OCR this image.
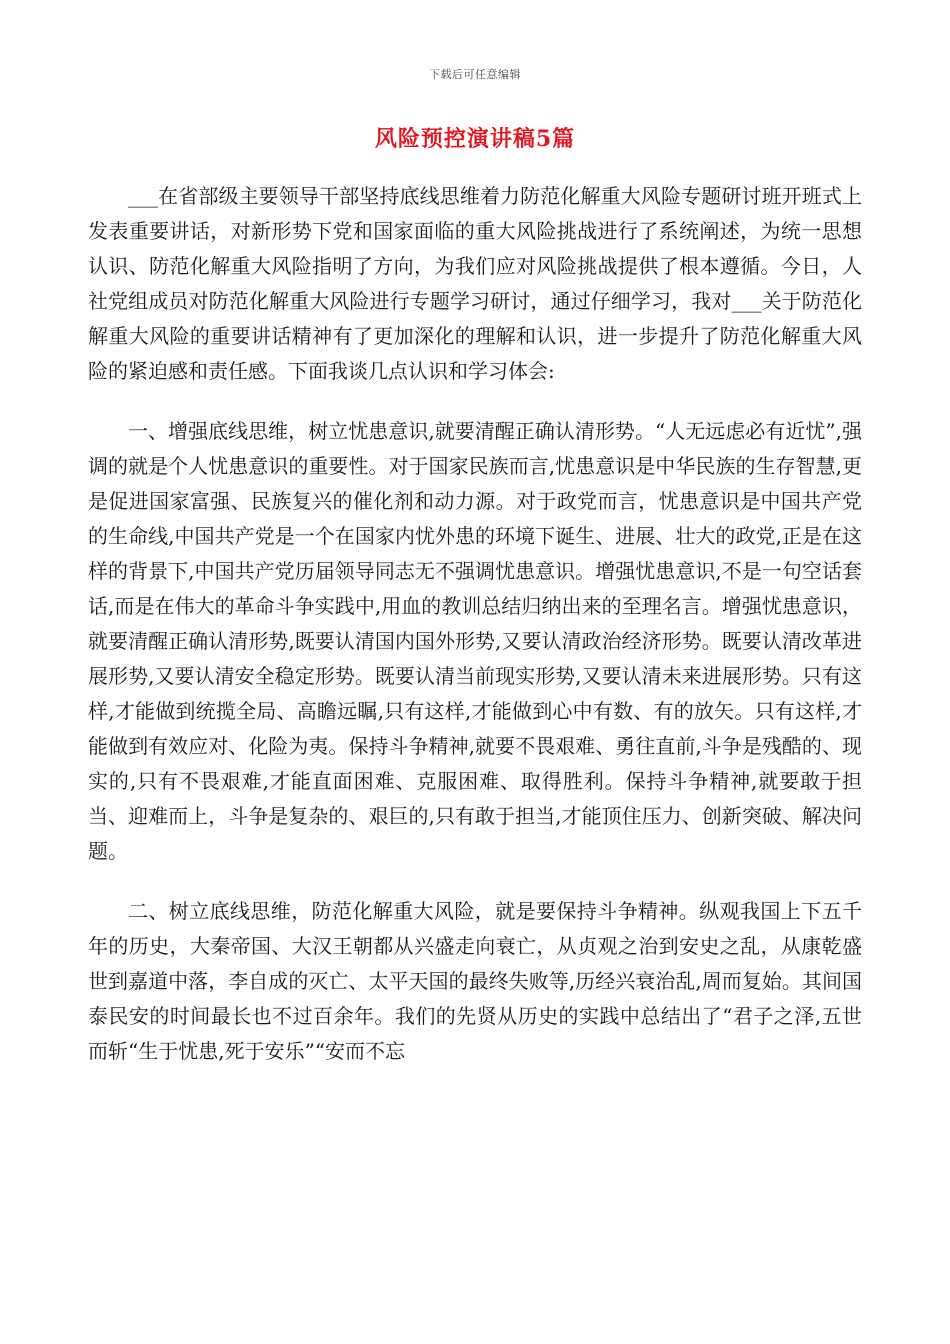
下载后可任意编辑
风险预控演讲稿5篇

___在省部级主要领导干部坚持底线思维着力防范化解重大风险专题研讨班开班式上发表重要讲话，对新形势下党和国家面临的重大风险挑战进行了系统阐述，为统一思想认识、防范化解重大风险指明了方向，为我们应对风险挑战提供了根本遵循。今日，人社党组成员对防范化解重大风险进行专题学习研讨，通过仔细学习，我对___关于防范化解重大风险的重要讲话精神有了更加深化的理解和认识，进一步提升了防范化解重大风险的紧迫感和责任感。下面我谈几点认识和学习体会:

一、增强底线思维，树立忧患意识,就要清醒正确认清形势。“人无远虑必有近忧”,强调的就是个人忧患意识的重要性。对于国家民族而言,忧患意识是中华民族的生存智慧,更是促进国家富强、民族复兴的催化剂和动力源。对于政党而言，忧患意识是中国共产党的生命线,中国共产党是一个在国家内忧外患的环境下诞生、进展、壮大的政党,正是在这样的背景下,中国共产党历届领导同志无不强调忧患意识。增强忧患意识,不是一句空话套话,而是在伟大的革命斗争实践中,用血的教训总结归纳出来的至理名言。增强忧患意识，就要清醒正确认清形势,既要认清国内国外形势,又要认清政治经济形势。既要认清改革进展形势,又要认清安全稳定形势。既要认清当前现实形势,又要认清未来进展形势。只有这样,才能做到统揽全局、高瞻远瞩,只有这样,才能做到心中有数、有的放矢。只有这样,才能做到有效应对、化险为夷。保持斗争精神,就要不畏艰难、勇往直前,斗争是残酷的、现实的,只有不畏艰难,才能直面困难、克服困难、取得胜利。保持斗争精神,就要敢于担当、迎难而上，斗争是复杂的、艰巨的,只有敢于担当,才能顶住压力、创新突破、解决问题。

二、树立底线思维，防范化解重大风险，就是要保持斗争精神。纵观我国上下五千年的历史，大秦帝国、大汉王朝都从兴盛走向衰亡，从贞观之治到安史之乱，从康乾盛世到嘉道中落，李自成的灭亡、太平天国的最终失败等,历经兴衰治乱,周而复始。其间国泰民安的时间最长也不过百余年。我们的先贤从历史的实践中总结出了“君子之泽,五世而斩“生于忧患,死于安乐”“安而不忘
